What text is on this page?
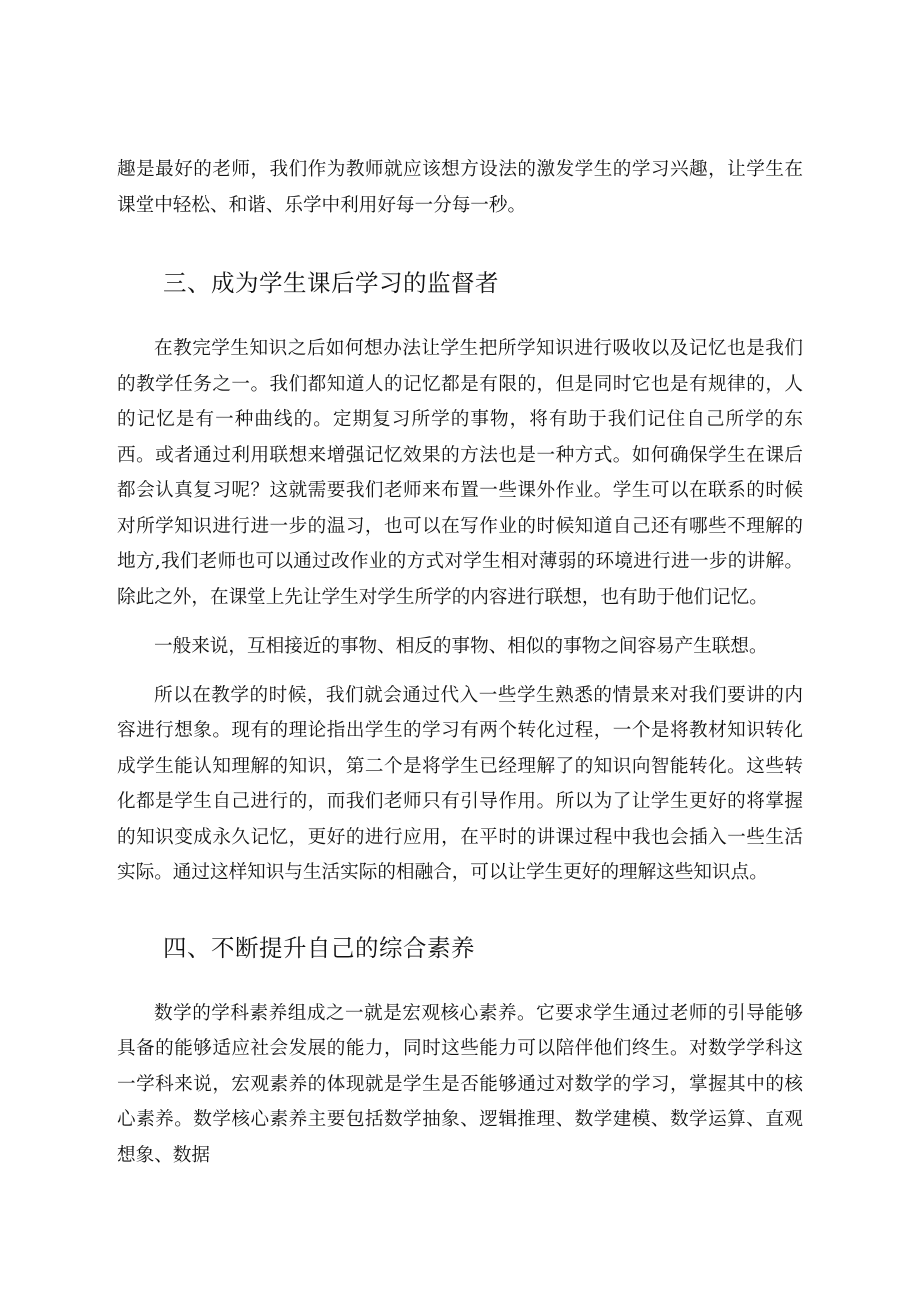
趣是最好的老师，我们作为教师就应该想方设法的激发学生的学习兴趣，让学生在课堂中轻松、和谐、乐学中利用好每一分每一秒。

三、成为学生课后学习的监督者

在教完学生知识之后如何想办法让学生把所学知识进行吸收以及记忆也是我们的教学任务之一。我们都知道人的记忆都是有限的，但是同时它也是有规律的，人的记忆是有一种曲线的。定期复习所学的事物，将有助于我们记住自己所学的东西。或者通过利用联想来增强记忆效果的方法也是一种方式。如何确保学生在课后都会认真复习呢？这就需要我们老师来布置一些课外作业。学生可以在联系的时候对所学知识进行进一步的温习，也可以在写作业的时候知道自己还有哪些不理解的地方,我们老师也可以通过改作业的方式对学生相对薄弱的环境进行进一步的讲解。除此之外，在课堂上先让学生对学生所学的内容进行联想，也有助于他们记忆。

一般来说，互相接近的事物、相反的事物、相似的事物之间容易产生联想。

所以在教学的时候，我们就会通过代入一些学生熟悉的情景来对我们要讲的内容进行想象。现有的理论指出学生的学习有两个转化过程，一个是将教材知识转化成学生能认知理解的知识，第二个是将学生已经理解了的知识向智能转化。这些转化都是学生自己进行的，而我们老师只有引导作用。所以为了让学生更好的将掌握的知识变成永久记忆，更好的进行应用，在平时的讲课过程中我也会插入一些生活实际。通过这样知识与生活实际的相融合，可以让学生更好的理解这些知识点。

四、不断提升自己的综合素养

数学的学科素养组成之一就是宏观核心素养。它要求学生通过老师的引导能够具备的能够适应社会发展的能力，同时这些能力可以陪伴他们终生。对数学学科这一学科来说，宏观素养的体现就是学生是否能够通过对数学的学习，掌握其中的核心素养。数学核心素养主要包括数学抽象、逻辑推理、数学建模、数学运算、直观想象、数据
